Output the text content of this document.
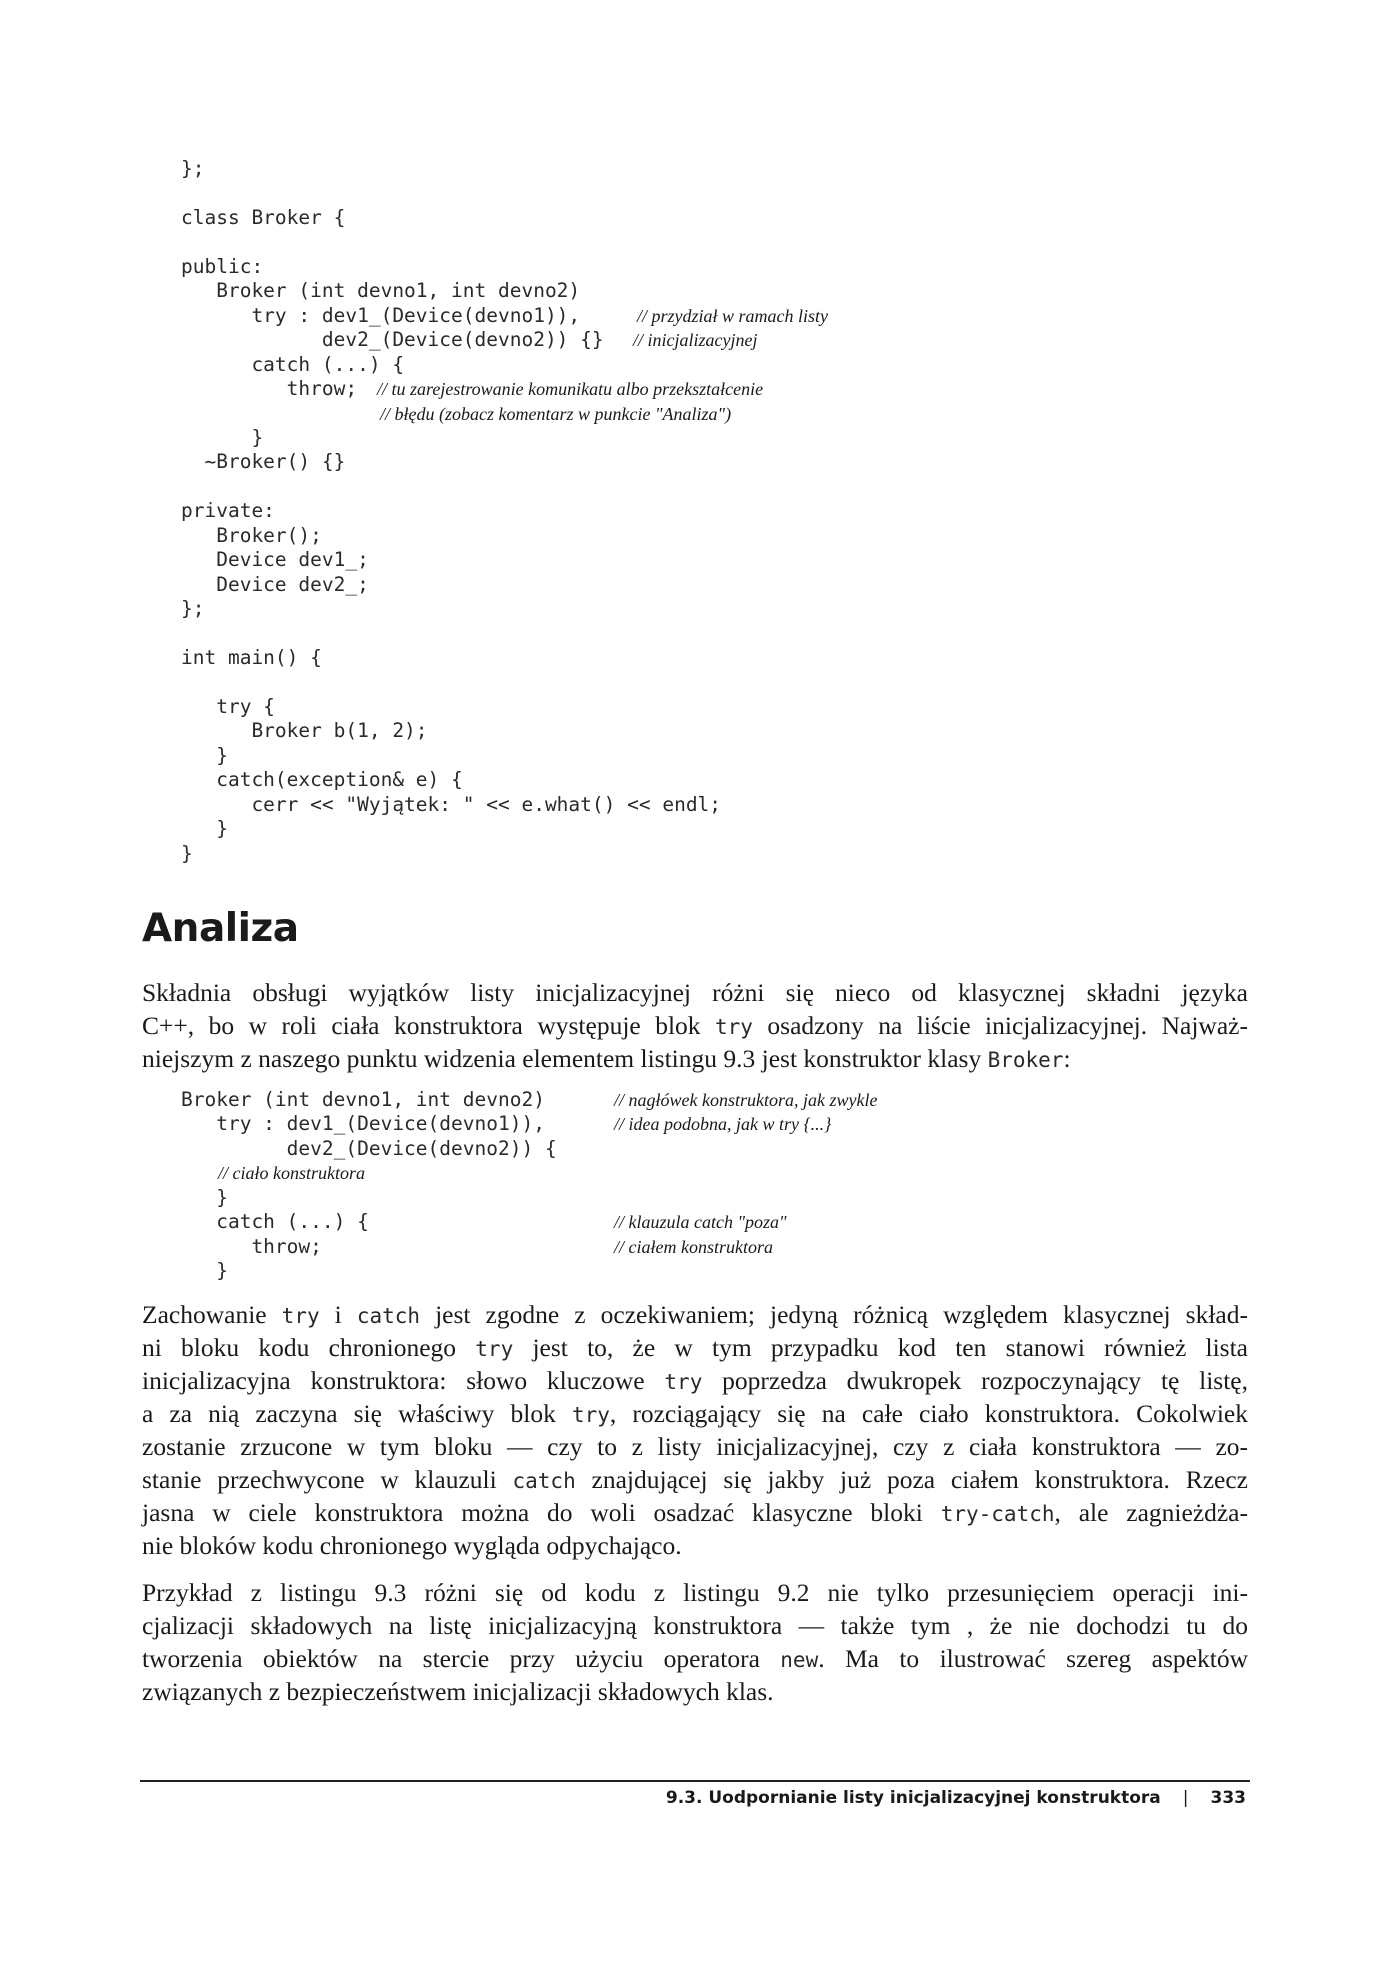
};
class Broker {
public:
Broker (int devno1, int devno2)
try : dev1_(Device(devno1)),	// przydział w ramach listy
dev2_(Device(devno2)) {} // inicjalizacyjnej
catch (...) {
throw; // tu zarejestrowanie komunikatu albo przekształcenie
// błędu (zobacz komentarz w punkcie "Analiza")
}
~Broker() {}
private:
Broker();
Device dev1_;
Device dev2_;
};
int main() {
try {
Broker b(1, 2);
}
catch(exception& e) {
cerr << "Wyjątek: " << e.what() << endl;
}
}
Analiza
Składnia obsługi wyjątków listy inicjalizacyjnej różni się nieco od klasycznej składni języka
C++, bo w roli ciała konstruktora występuje blok try osadzony na liście inicjalizacyjnej. Najważ-
niejszym z naszego punktu widzenia elementem listingu 9.3 jest konstruktor klasy Broker:
Broker (int devno1, int devno2)	// nagłówek konstruktora, jak zwykle
try : dev1_(Device(devno1)),	// idea podobna, jak w try {...}
dev2_(Device(devno2)) {
// ciało konstruktora
}
catch (...) {	// klauzula catch "poza"
throw;	// ciałem konstruktora
}
Zachowanie try i catch jest zgodne z oczekiwaniem; jedyną różnicą względem klasycznej skład-
ni bloku kodu chronionego try jest to, że w tym przypadku kod ten stanowi również lista
inicjalizacyjna konstruktora: słowo kluczowe try poprzedza dwukropek rozpoczynający tę listę,
a za nią zaczyna się właściwy blok try, rozciągający się na całe ciało konstruktora. Cokolwiek
zostanie zrzucone w tym bloku — czy to z listy inicjalizacyjnej, czy z ciała konstruktora — zo-
stanie przechwycone w klauzuli catch znajdującej się jakby już poza ciałem konstruktora. Rzecz
jasna w ciele konstruktora można do woli osadzać klasyczne bloki try-catch, ale zagnieżdża-
nie bloków kodu chronionego wygląda odpychająco.
Przykład z listingu 9.3 różni się od kodu z listingu 9.2 nie tylko przesunięciem operacji ini-
cjalizacji składowych na listę inicjalizacyjną konstruktora — także tym , że nie dochodzi tu do
tworzenia obiektów na stercie przy użyciu operatora new. Ma to ilustrować szereg aspektów
związanych z bezpieczeństwem inicjalizacji składowych klas.
9.3. Uodpornianie listy inicjalizacyjnej konstruktora | 333
